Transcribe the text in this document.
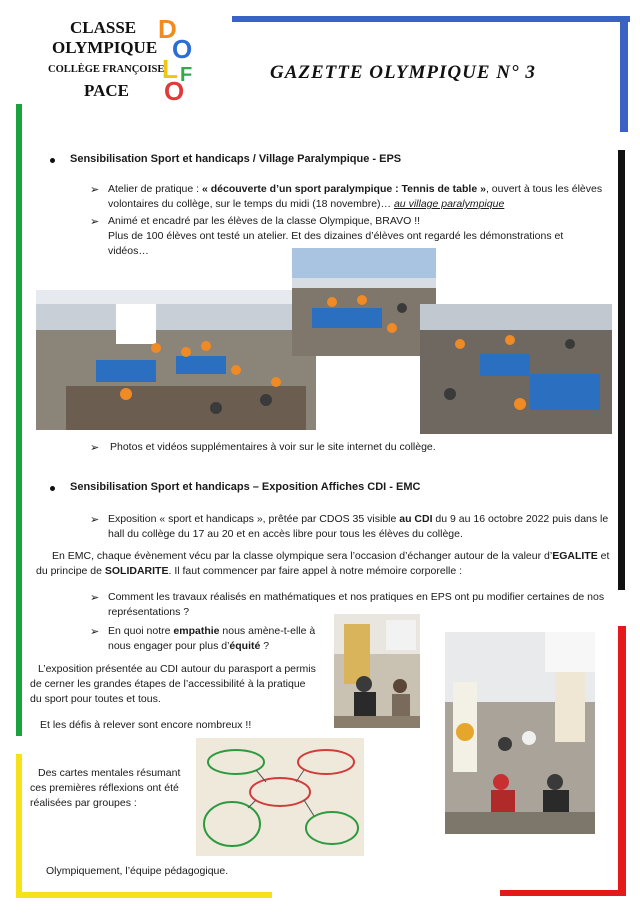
CLASSE
OLYMPIQUE
COLLÈGE FRANÇOISE
PACE
D
O
L F
O
GAZETTE OLYMPIQUE N° 3
Sensibilisation Sport et handicaps / Village Paralympique - EPS
➢ Atelier de pratique : « découverte d’un sport paralympique : Tennis de table », ouvert à tous les élèves volontaires du collège, sur le temps du midi (18 novembre)… au village paralympique
➢ Animé et encadré par les élèves de la classe Olympique, BRAVO !!
Plus de 100 élèves ont testé un atelier. Et des dizaines d’élèves ont regardé les démonstrations et vidéos…
➢ Photos et vidéos supplémentaires à voir sur le site internet du collège.
Sensibilisation Sport et handicaps – Exposition Affiches CDI - EMC
➢ Exposition « sport et handicaps », prêtée par CDOS 35 visible au CDI du 9 au 16 octobre 2022 puis dans le hall du collège du 17 au 20 et en accès libre pour tous les élèves du collège.
En EMC, chaque évènement vécu par la classe olympique sera l’occasion d’échanger autour de la valeur d’EGALITE et du principe de SOLIDARITE. Il faut commencer par faire appel à notre mémoire corporelle :
➢ Comment les travaux réalisés en mathématiques et nos pratiques en EPS ont pu modifier certaines de nos représentations ?
➢ En quoi notre empathie nous amène-t-elle à nous engager pour plus d’équité ?
L’exposition présentée au CDI autour du parasport a permis de cerner les grandes étapes de l’accessibilité à la pratique du sport pour toutes et tous.
Et les défis à relever sont encore nombreux !!
Des cartes mentales résumant ces premières réflexions ont été réalisées par groupes :
Olympiquement, l’équipe pédagogique.
